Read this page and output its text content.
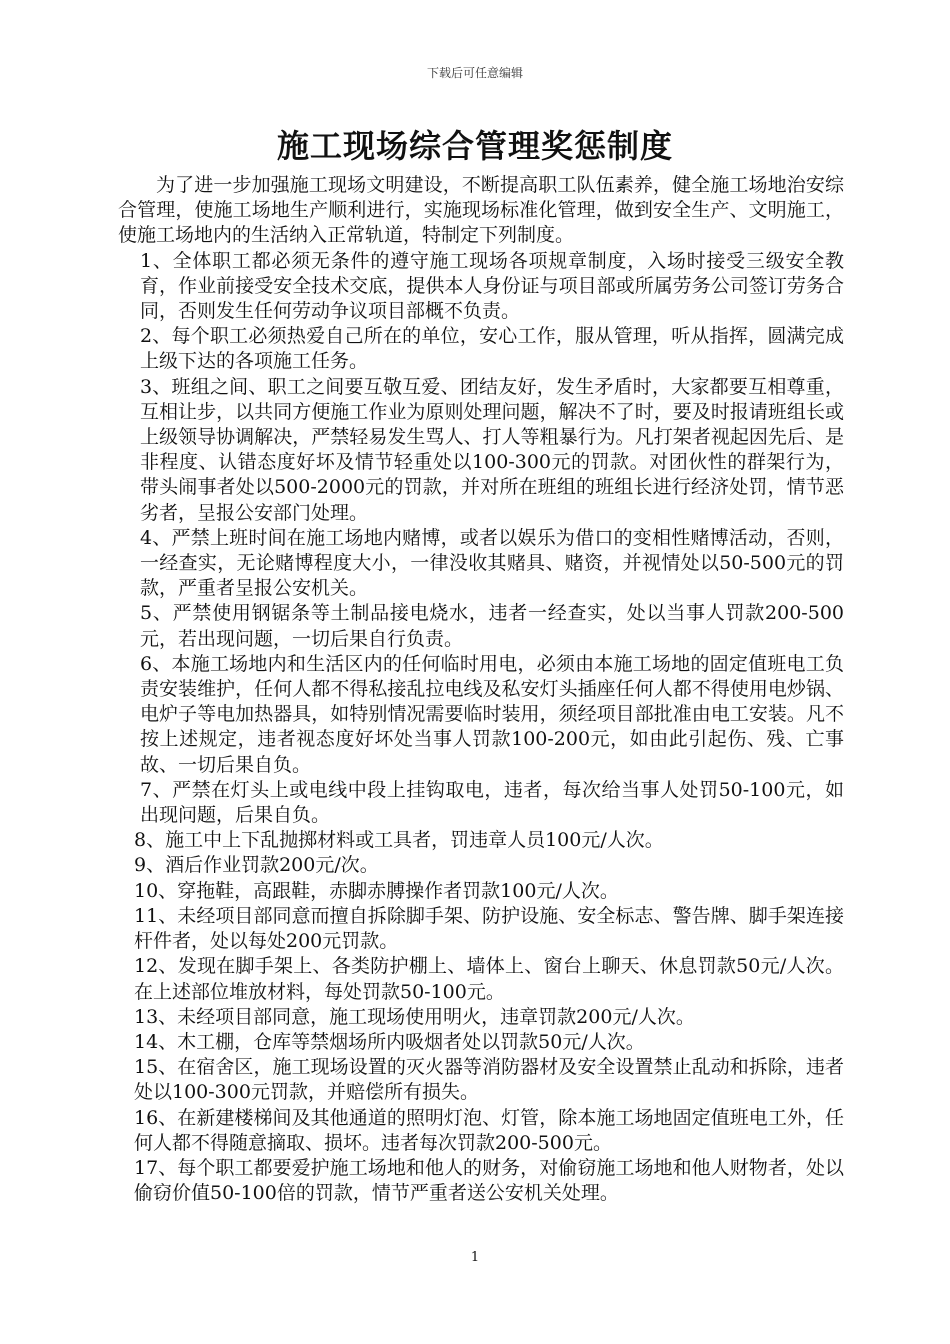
下载后可任意编辑
施工现场综合管理奖惩制度

为了进一步加强施工现场文明建设，不断提高职工队伍素养，健全施工场地治安综合管理，使施工场地生产顺利进行，实施现场标准化管理，做到安全生产、文明施工，使施工场地内的生活纳入正常轨道，特制定下列制度。

1、全体职工都必须无条件的遵守施工现场各项规章制度，入场时接受三级安全教育，作业前接受安全技术交底，提供本人身份证与项目部或所属劳务公司签订劳务合同，否则发生任何劳动争议项目部概不负责。
2、每个职工必须热爱自己所在的单位，安心工作，服从管理，听从指挥，圆满完成上级下达的各项施工任务。
3、班组之间、职工之间要互敬互爱、团结友好，发生矛盾时，大家都要互相尊重，互相让步，以共同方便施工作业为原则处理问题，解决不了时，要及时报请班组长或上级领导协调解决，严禁轻易发生骂人、打人等粗暴行为。凡打架者视起因先后、是非程度、认错态度好坏及情节轻重处以100-300元的罚款。对团伙性的群架行为，带头闹事者处以500-2000元的罚款，并对所在班组的班组长进行经济处罚，情节恶劣者，呈报公安部门处理。
4、严禁上班时间在施工场地内赌博，或者以娱乐为借口的变相性赌博活动，否则，一经查实，无论赌博程度大小，一律没收其赌具、赌资，并视情处以50-500元的罚款，严重者呈报公安机关。
5、严禁使用钢锯条等土制品接电烧水，违者一经查实，处以当事人罚款200-500元，若出现问题，一切后果自行负责。
6、本施工场地内和生活区内的任何临时用电，必须由本施工场地的固定值班电工负责安装维护，任何人都不得私接乱拉电线及私安灯头插座任何人都不得使用电炒锅、电炉子等电加热器具，如特别情况需要临时装用，须经项目部批准由电工安装。凡不按上述规定，违者视态度好坏处当事人罚款100-200元，如由此引起伤、残、亡事故、一切后果自负。
7、严禁在灯头上或电线中段上挂钩取电，违者，每次给当事人处罚50-100元，如出现问题，后果自负。
8、施工中上下乱抛掷材料或工具者，罚违章人员100元/人次。
9、酒后作业罚款200元/次。
10、穿拖鞋，高跟鞋，赤脚赤膊操作者罚款100元/人次。
11、未经项目部同意而擅自拆除脚手架、防护设施、安全标志、警告牌、脚手架连接杆件者，处以每处200元罚款。
12、发现在脚手架上、各类防护棚上、墙体上、窗台上聊天、休息罚款50元/人次。在上述部位堆放材料，每处罚款50-100元。
13、未经项目部同意，施工现场使用明火，违章罚款200元/人次。
14、木工棚，仓库等禁烟场所内吸烟者处以罚款50元/人次。
15、在宿舍区，施工现场设置的灭火器等消防器材及安全设置禁止乱动和拆除，违者处以100-300元罚款，并赔偿所有损失。
16、在新建楼梯间及其他通道的照明灯泡、灯管，除本施工场地固定值班电工外，任何人都不得随意摘取、损坏。违者每次罚款200-500元。
17、每个职工都要爱护施工场地和他人的财务，对偷窃施工场地和他人财物者，处以偷窃价值50-100倍的罚款，情节严重者送公安机关处理。
1
